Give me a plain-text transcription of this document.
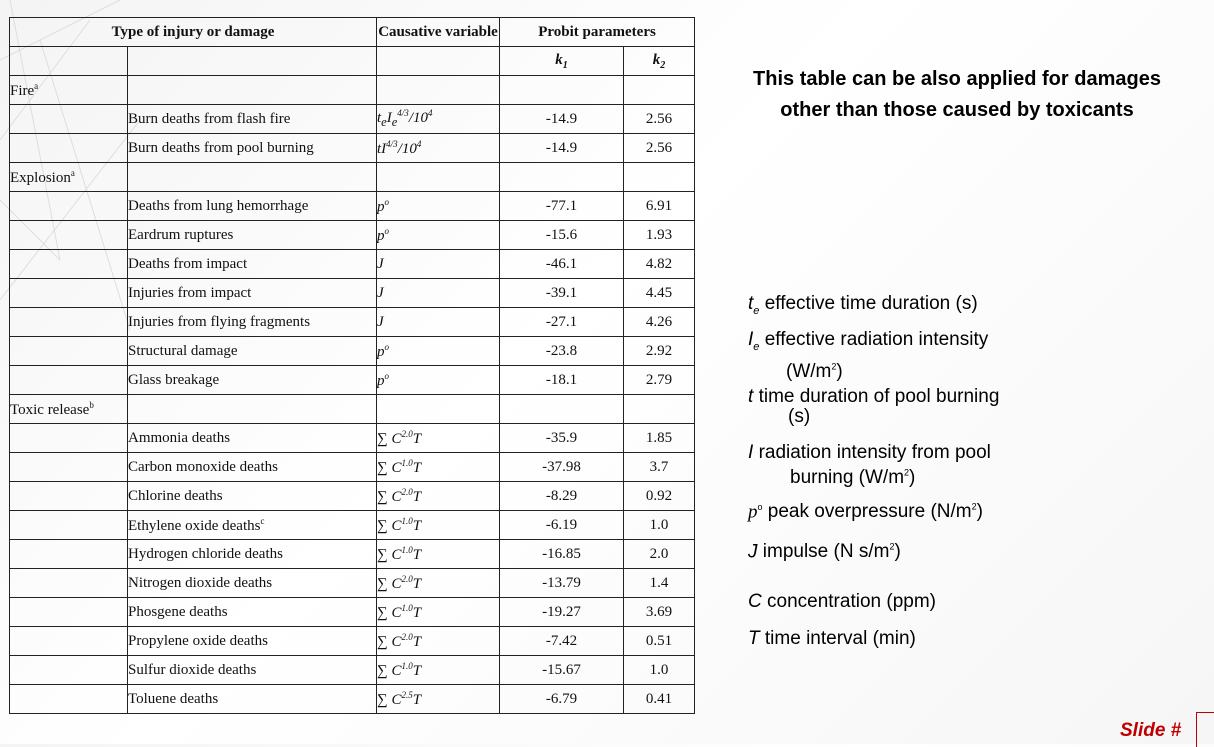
Type of injury or damage		Causative variable	Probit parameters	
			$k_1$	$k_2$
Fire$^a$				
	Burn deaths from flash fire	$t_eI_e^{4/3}/10^4$	-14.9	2.56
	Burn deaths from pool burning	$tI^{4/3}/10^4$	-14.9	2.56
Explosion$^a$				
	Deaths from lung hemorrhage	$p^o$	-77.1	6.91
	Eardrum ruptures	$p^o$	-15.6	1.93
	Deaths from impact	J	-46.1	4.82
	Injuries from impact	J	-39.1	4.45
	Injuries from flying fragments	J	-27.1	4.26
	Structural damage	$p^o$	-23.8	2.92
	Glass breakage	$p^o$	-18.1	2.79
Toxic release$^b$				
	Ammonia deaths	∑ $C^{2.0}T$	-35.9	1.85
	Carbon monoxide deaths	∑ $C^{1.0}T$	-37.98	3.7
	Chlorine deaths	∑ $C^{2.0}T$	-8.29	0.92
	Ethylene oxide deaths$^c$	∑ $C^{1.0}T$	-6.19	1.0
	Hydrogen chloride deaths	∑ $C^{1.0}T$	-16.85	2.0
	Nitrogen dioxide deaths	∑ $C^{2.0}T$	-13.79	1.4
	Phosgene deaths	∑ $C^{1.0}T$	-19.27	3.69
	Propylene oxide deaths	∑ $C^{2.0}T$	-7.42	0.51
	Sulfur dioxide deaths	∑ $C^{1.0}T$	-15.67	1.0
	Toluene deaths	∑ $C^{2.5}T$	-6.79	0.41
This table can be also applied for damages
other than those caused by toxicants
$t_e$ effective time duration (s)
$I_e$ effective radiation intensity
$(W/m^2)$
t time duration of pool burning
(s)
I radiation intensity from pool
burning $(W/m^2)$
$p^o$ peak overpressure $(N/m^2)$
J impulse (N $s/m^2$)
C concentration (ppm)
T time interval (min)
Slide #
